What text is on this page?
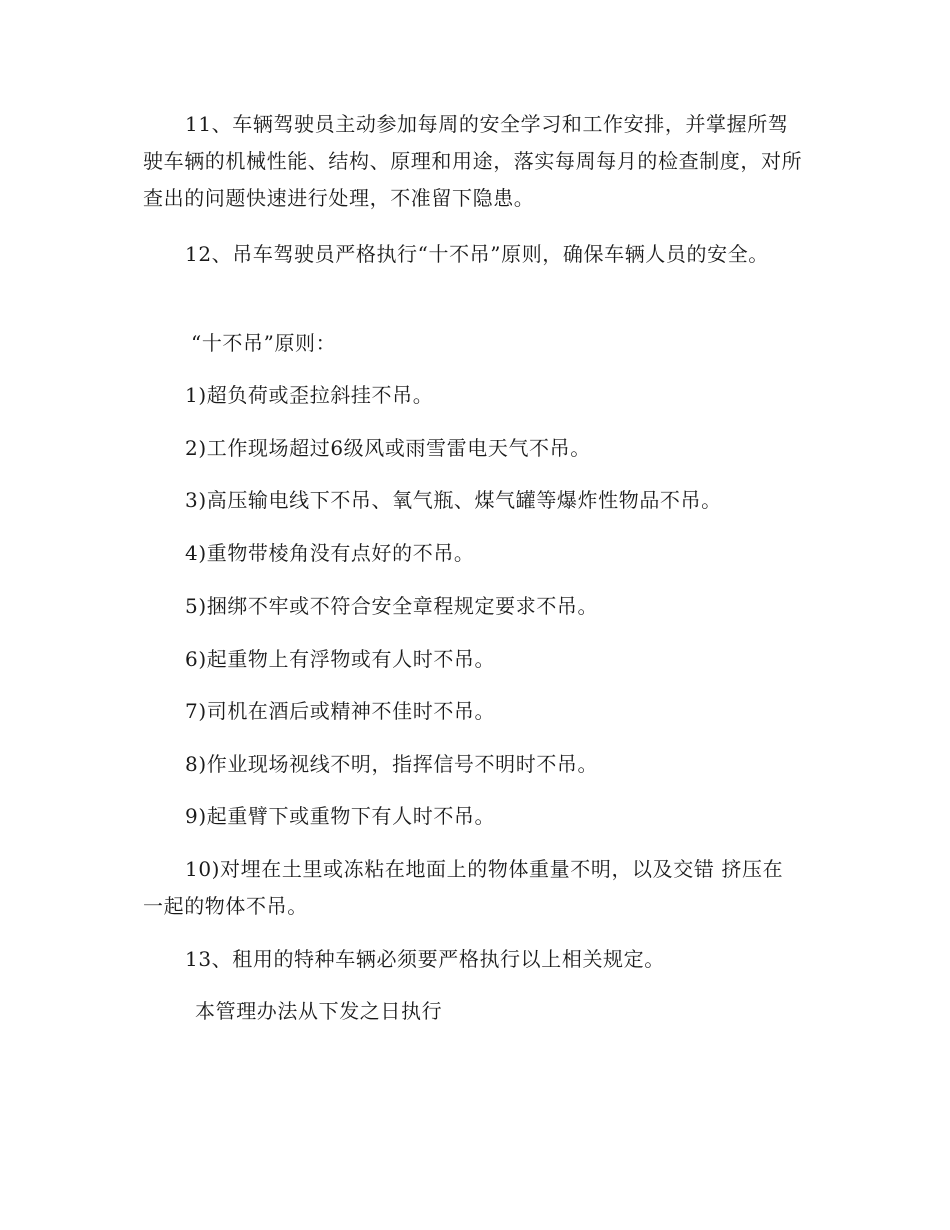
11、车辆驾驶员主动参加每周的安全学习和工作安排，并掌握所驾驶车辆的机械性能、结构、原理和用途，落实每周每月的检查制度，对所查出的问题快速进行处理，不准留下隐患。

12、吊车驾驶员严格执行“十不吊”原则，确保车辆人员的安全。

“十不吊”原则：

1)超负荷或歪拉斜挂不吊。

2)工作现场超过6级风或雨雪雷电天气不吊。

3)高压输电线下不吊、氧气瓶、煤气罐等爆炸性物品不吊。

4)重物带棱角没有点好的不吊。

5)捆绑不牢或不符合安全章程规定要求不吊。

6)起重物上有浮物或有人时不吊。

7)司机在酒后或精神不佳时不吊。

8)作业现场视线不明，指挥信号不明时不吊。

9)起重臂下或重物下有人时不吊。

10)对埋在土里或冻粘在地面上的物体重量不明，以及交错 挤压在一起的物体不吊。

13、租用的特种车辆必须要严格执行以上相关规定。

本管理办法从下发之日执行
